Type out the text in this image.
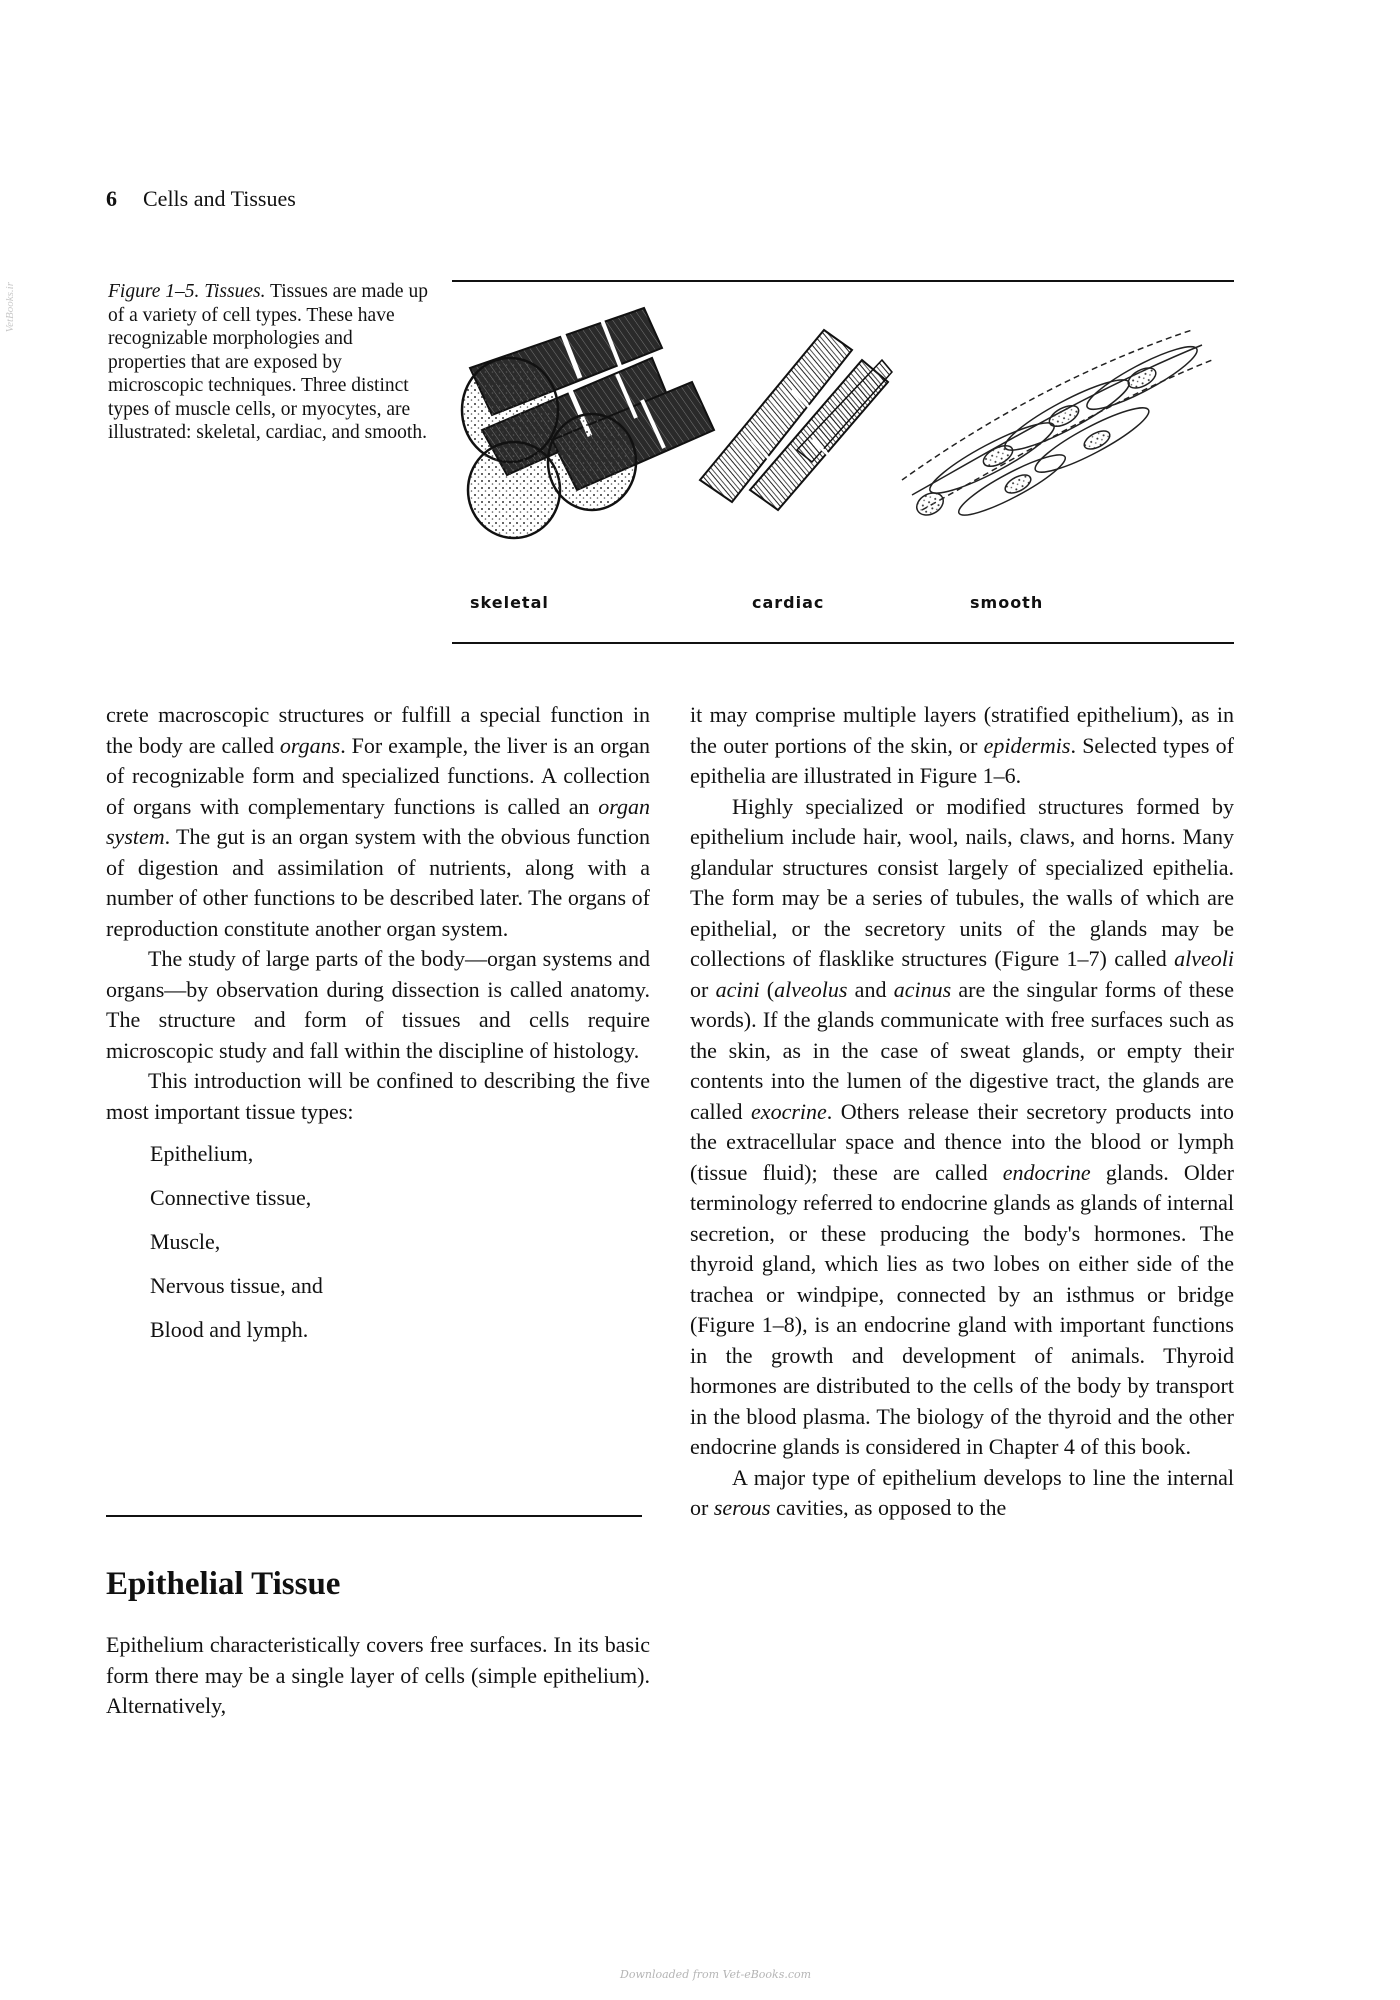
VetBooks.ir
6 Cells and Tissues
Figure 1–5. Tissues. Tissues are made up of a variety of cell types. These have recognizable morphologies and properties that are exposed by microscopic techniques. Three distinct types of muscle cells, or myocytes, are illustrated: skeletal, cardiac, and smooth.
skeletal	cardiac	smooth

crete macroscopic structures or fulfill a special function in the body are called organs. For example, the liver is an organ of recognizable form and specialized functions. A collection of organs with complementary functions is called an organ system. The gut is an organ system with the obvious function of digestion and assimilation of nutrients, along with a number of other functions to be described later. The organs of reproduction constitute another organ system.

The study of large parts of the body—organ systems and organs—by observation during dissection is called anatomy. The structure and form of tissues and cells require microscopic study and fall within the discipline of histology.

This introduction will be confined to describing the five most important tissue types:

Epithelium,
Connective tissue,
Muscle,
Nervous tissue, and
Blood and lymph.
Epithelial Tissue

Epithelium characteristically covers free surfaces. In its basic form there may be a single layer of cells (simple epithelium). Alternatively,

it may comprise multiple layers (stratified epithelium), as in the outer portions of the skin, or epidermis. Selected types of epithelia are illustrated in Figure 1–6.

Highly specialized or modified structures formed by epithelium include hair, wool, nails, claws, and horns. Many glandular structures consist largely of specialized epithelia. The form may be a series of tubules, the walls of which are epithelial, or the secretory units of the glands may be collections of flasklike structures (Figure 1–7) called alveoli or acini (alveolus and acinus are the singular forms of these words). If the glands communicate with free surfaces such as the skin, as in the case of sweat glands, or empty their contents into the lumen of the digestive tract, the glands are called exocrine. Others release their secretory products into the extracellular space and thence into the blood or lymph (tissue fluid); these are called endocrine glands. Older terminology referred to endocrine glands as glands of internal secretion, or these producing the body's hormones. The thyroid gland, which lies as two lobes on either side of the trachea or windpipe, connected by an isthmus or bridge (Figure 1–8), is an endocrine gland with important functions in the growth and development of animals. Thyroid hormones are distributed to the cells of the body by transport in the blood plasma. The biology of the thyroid and the other endocrine glands is considered in Chapter 4 of this book.

A major type of epithelium develops to line the internal or serous cavities, as opposed to the

Downloaded from Vet-eBooks.com
